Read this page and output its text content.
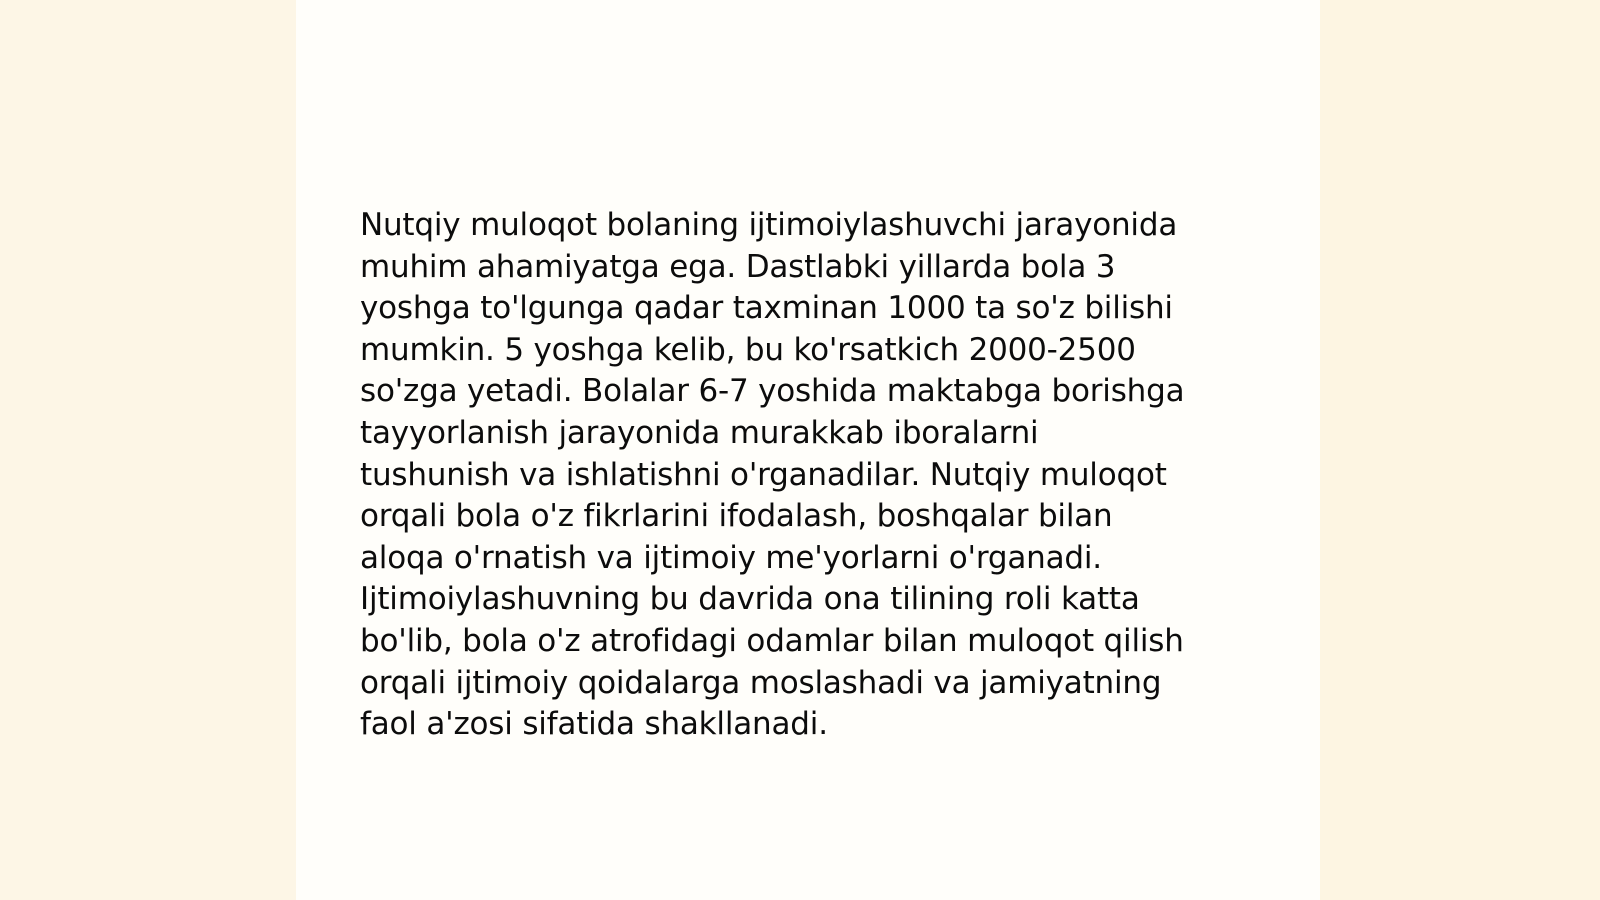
Nutqiy muloqot bolaning ijtimoiylashuvchi jarayonida
muhim ahamiyatga ega. Dastlabki yillarda bola 3
yoshga to'lgunga qadar taxminan 1000 ta so'z bilishi
mumkin. 5 yoshga kelib, bu ko'rsatkich 2000-2500
so'zga yetadi. Bolalar 6-7 yoshida maktabga borishga
tayyorlanish jarayonida murakkab iboralarni
tushunish va ishlatishni o'rganadilar. Nutqiy muloqot
orqali bola o'z fikrlarini ifodalash, boshqalar bilan
aloqa o'rnatish va ijtimoiy me'yorlarni o'rganadi.
Ijtimoiylashuvning bu davrida ona tilining roli katta
bo'lib, bola o'z atrofidagi odamlar bilan muloqot qilish
orqali ijtimoiy qoidalarga moslashadi va jamiyatning
faol a'zosi sifatida shakllanadi.
